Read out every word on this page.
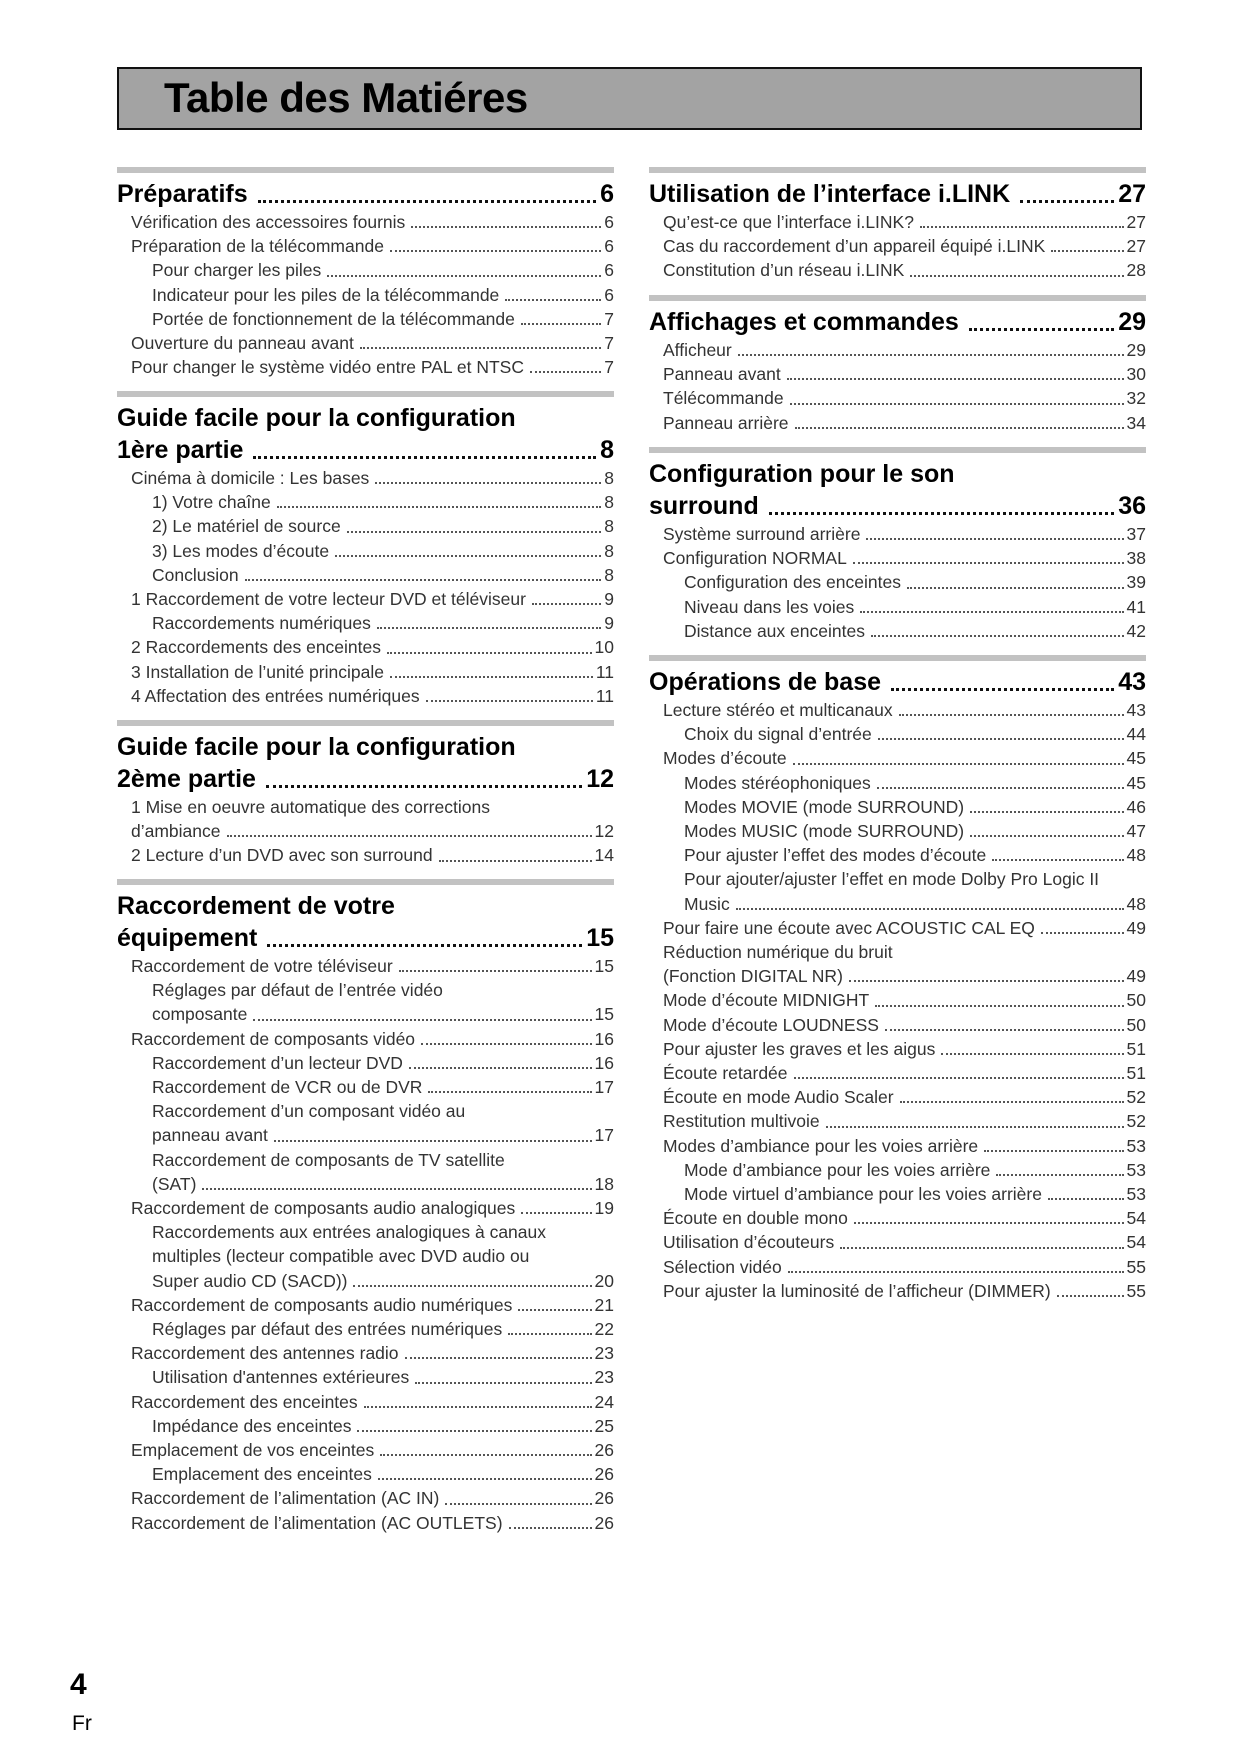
Table des Matiéres
Préparatifs	6
Vérification des accessoires fournis	6
Préparation de la télécommande	6
Pour charger les piles	6
Indicateur pour les piles de la télécommande	6
Portée de fonctionnement de la télécommande	7
Ouverture du panneau avant	7
Pour changer le système vidéo entre PAL et NTSC	7
Guide facile pour la configuration
1ère partie	8
Cinéma à domicile : Les bases	8
1) Votre chaîne	8
2) Le matériel de source	8
3) Les modes d’écoute	8
Conclusion	8
1 Raccordement de votre lecteur DVD et téléviseur	9
Raccordements numériques	9
2 Raccordements des enceintes	10
3 Installation de l’unité principale	11
4 Affectation des entrées numériques	11
Guide facile pour la configuration
2ème partie	12
1 Mise en oeuvre automatique des corrections
d’ambiance	12
2 Lecture d’un DVD avec son surround	14
Raccordement de votre
équipement	15
Raccordement de votre téléviseur	15
Réglages par défaut de l’entrée vidéo
composante	15
Raccordement de composants vidéo	16
Raccordement d’un lecteur DVD	16
Raccordement de VCR ou de DVR	17
Raccordement d’un composant vidéo au
panneau avant	17
Raccordement de composants de TV satellite
(SAT)	18
Raccordement de composants audio analogiques	19
Raccordements aux entrées analogiques à canaux
multiples (lecteur compatible avec DVD audio ou
Super audio CD (SACD))	20
Raccordement de composants audio numériques	21
Réglages par défaut des entrées numériques	22
Raccordement des antennes radio	23
Utilisation d'antennes extérieures	23
Raccordement des enceintes	24
Impédance des enceintes	25
Emplacement de vos enceintes	26
Emplacement des enceintes	26
Raccordement de l’alimentation (AC IN)	26
Raccordement de l’alimentation (AC OUTLETS)	26
Utilisation de l’interface i.LINK	27
Qu’est-ce que l’interface i.LINK?	27
Cas du raccordement d’un appareil équipé i.LINK	27
Constitution d’un réseau i.LINK	28
Affichages et commandes	29
Afficheur	29
Panneau avant	30
Télécommande	32
Panneau arrière	34
Configuration pour le son
surround	36
Système surround arrière	37
Configuration NORMAL	38
Configuration des enceintes	39
Niveau dans les voies	41
Distance aux enceintes	42
Opérations de base	43
Lecture stéréo et multicanaux	43
Choix du signal d’entrée	44
Modes d’écoute	45
Modes stéréophoniques	45
Modes MOVIE (mode SURROUND)	46
Modes MUSIC (mode SURROUND)	47
Pour ajuster l’effet des modes d’écoute	48
Pour ajouter/ajuster l’effet en mode Dolby Pro Logic II
Music	48
Pour faire une écoute avec ACOUSTIC CAL EQ	49
Réduction numérique du bruit
(Fonction DIGITAL NR)	49
Mode d’écoute MIDNIGHT	50
Mode d’écoute LOUDNESS	50
Pour ajuster les graves et les aigus	51
Écoute retardée	51
Écoute en mode Audio Scaler	52
Restitution multivoie	52
Modes d’ambiance pour les voies arrière	53
Mode d’ambiance pour les voies arrière	53
Mode virtuel d’ambiance pour les voies arrière	53
Écoute en double mono	54
Utilisation d’écouteurs	54
Sélection vidéo	55
Pour ajuster la luminosité de l’afficheur (DIMMER)	55
4
Fr
